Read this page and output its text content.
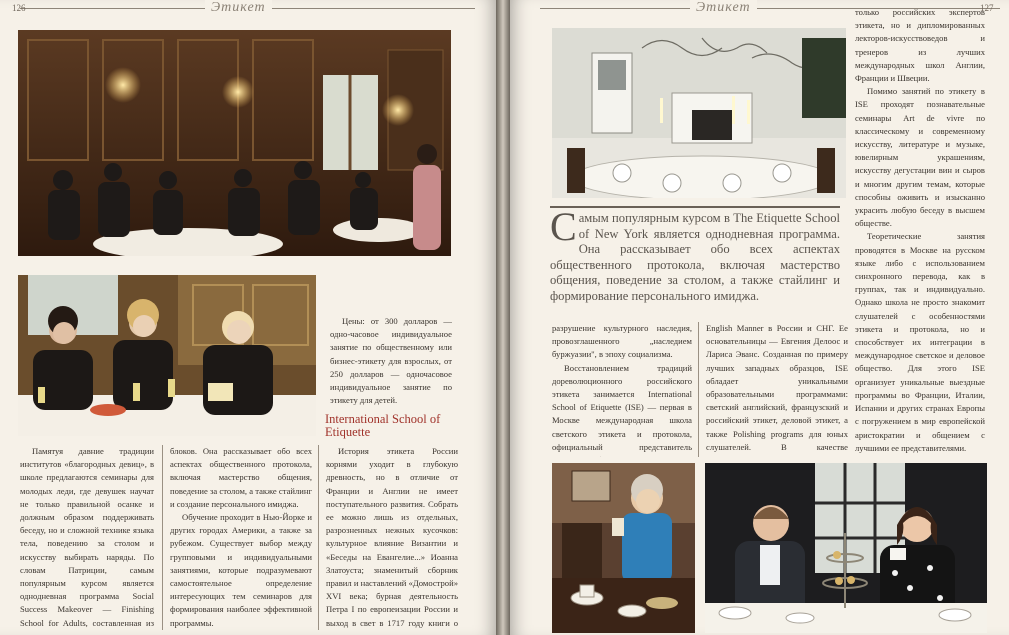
126	Этикет

Памятуя давние традиции институтов «благородных девиц», в школе предлагаются семинары для молодых леди, где девушек научат не только правильной осанке и должным образом поддерживать беседу, но и сложной технике языка тела, поведению за столом и искусству выбирать наряды. По словам Патриции, самым популярным курсом является однодневная программа Social Success Makeover — Finishing School for Adults, составленная из

блоков. Она рассказывает обо всех аспектах общественного протокола, включая мастерство общения, поведение за столом, а также стайлинг и создание персонального имиджа.

Обучение проходит в Нью-Йорке и других городах Америки, а также за рубежом. Существует выбор между групповыми и индивидуальными занятиями, которые подразумевают самостоятельное определение интересующих тем семинаров для формирования наиболее эффективной программы.

Цены: от 300 долларов — одно-часовое индивидуальное занятие по общественному или бизнес-этикету для взрослых, от 250 долларов — одночасовое индивидуальное занятие по этикету для детей.

International School of Etiquette

История этикета России корнями уходит в глубокую древность, но в отличие от Франции и Англии не имеет поступательного развития. Собрать ее можно лишь из отдельных, разрозненных нежных кусочков: культурное влияние Византии и «Беседы на Евангелие...» Иоанна Златоуста; знаменитый сборник правил и наставлений «Домострой» XVI века; бурная деятельность Петра I по европеизации России и выход в свет в 1717 году книги о

Этикет	127
С амым популярным курсом в The Etiquette School of New York является однодневная программа. Она рассказывает обо всех аспектах общественного протокола, включая мастерство общения, поведение за столом, а также стайлинг и формирование персонального имиджа.

только российских экспертов этикета, но и дипломированных лекторов-искусствоведов и тренеров из лучших международных школ Англии, Франции и Швеции.

Помимо занятий по этикету в ISE проходят познавательные семинары Art de vivre по классическому и современному искусству, литературе и музыке, ювелирным украшениям, искусству дегустации вин и сыров и многим другим темам, которые способны оживить и изысканно украсить любую беседу в высшем обществе.

Теоретические занятия проводятся в Москве на русском языке либо с использованием синхронного перевода, как в группах, так и индивидуально. Однако школа не просто знакомит слушателей с особенностями этикета и протокола, но и способствует их интеграции в международное светское и деловое общество. Для этого ISE организует уникальные выездные программы во Франции, Италии, Испании и других странах Европы с погружением в мир европейской аристократии и общением с лучшими ее представителями.

разрушение культурного наследия, провозглашенного „наследием буржуазии", в эпоху социализма.

Восстановлением традиций дореволюционного российского этикета занимается International School of Etiquette (ISE) — первая в Москве международная школа светского этикета и протокола, официальный представитель

English Manner в России и СНГ. Ее основательницы — Евгения Делоос и Лариса Эванс. Созданная по примеру лучших западных образцов, ISE обладает уникальными образовательными программами: светский английский, французский и российский этикет, деловой этикет, а также Polishing programs для юных слушателей. В качестве
